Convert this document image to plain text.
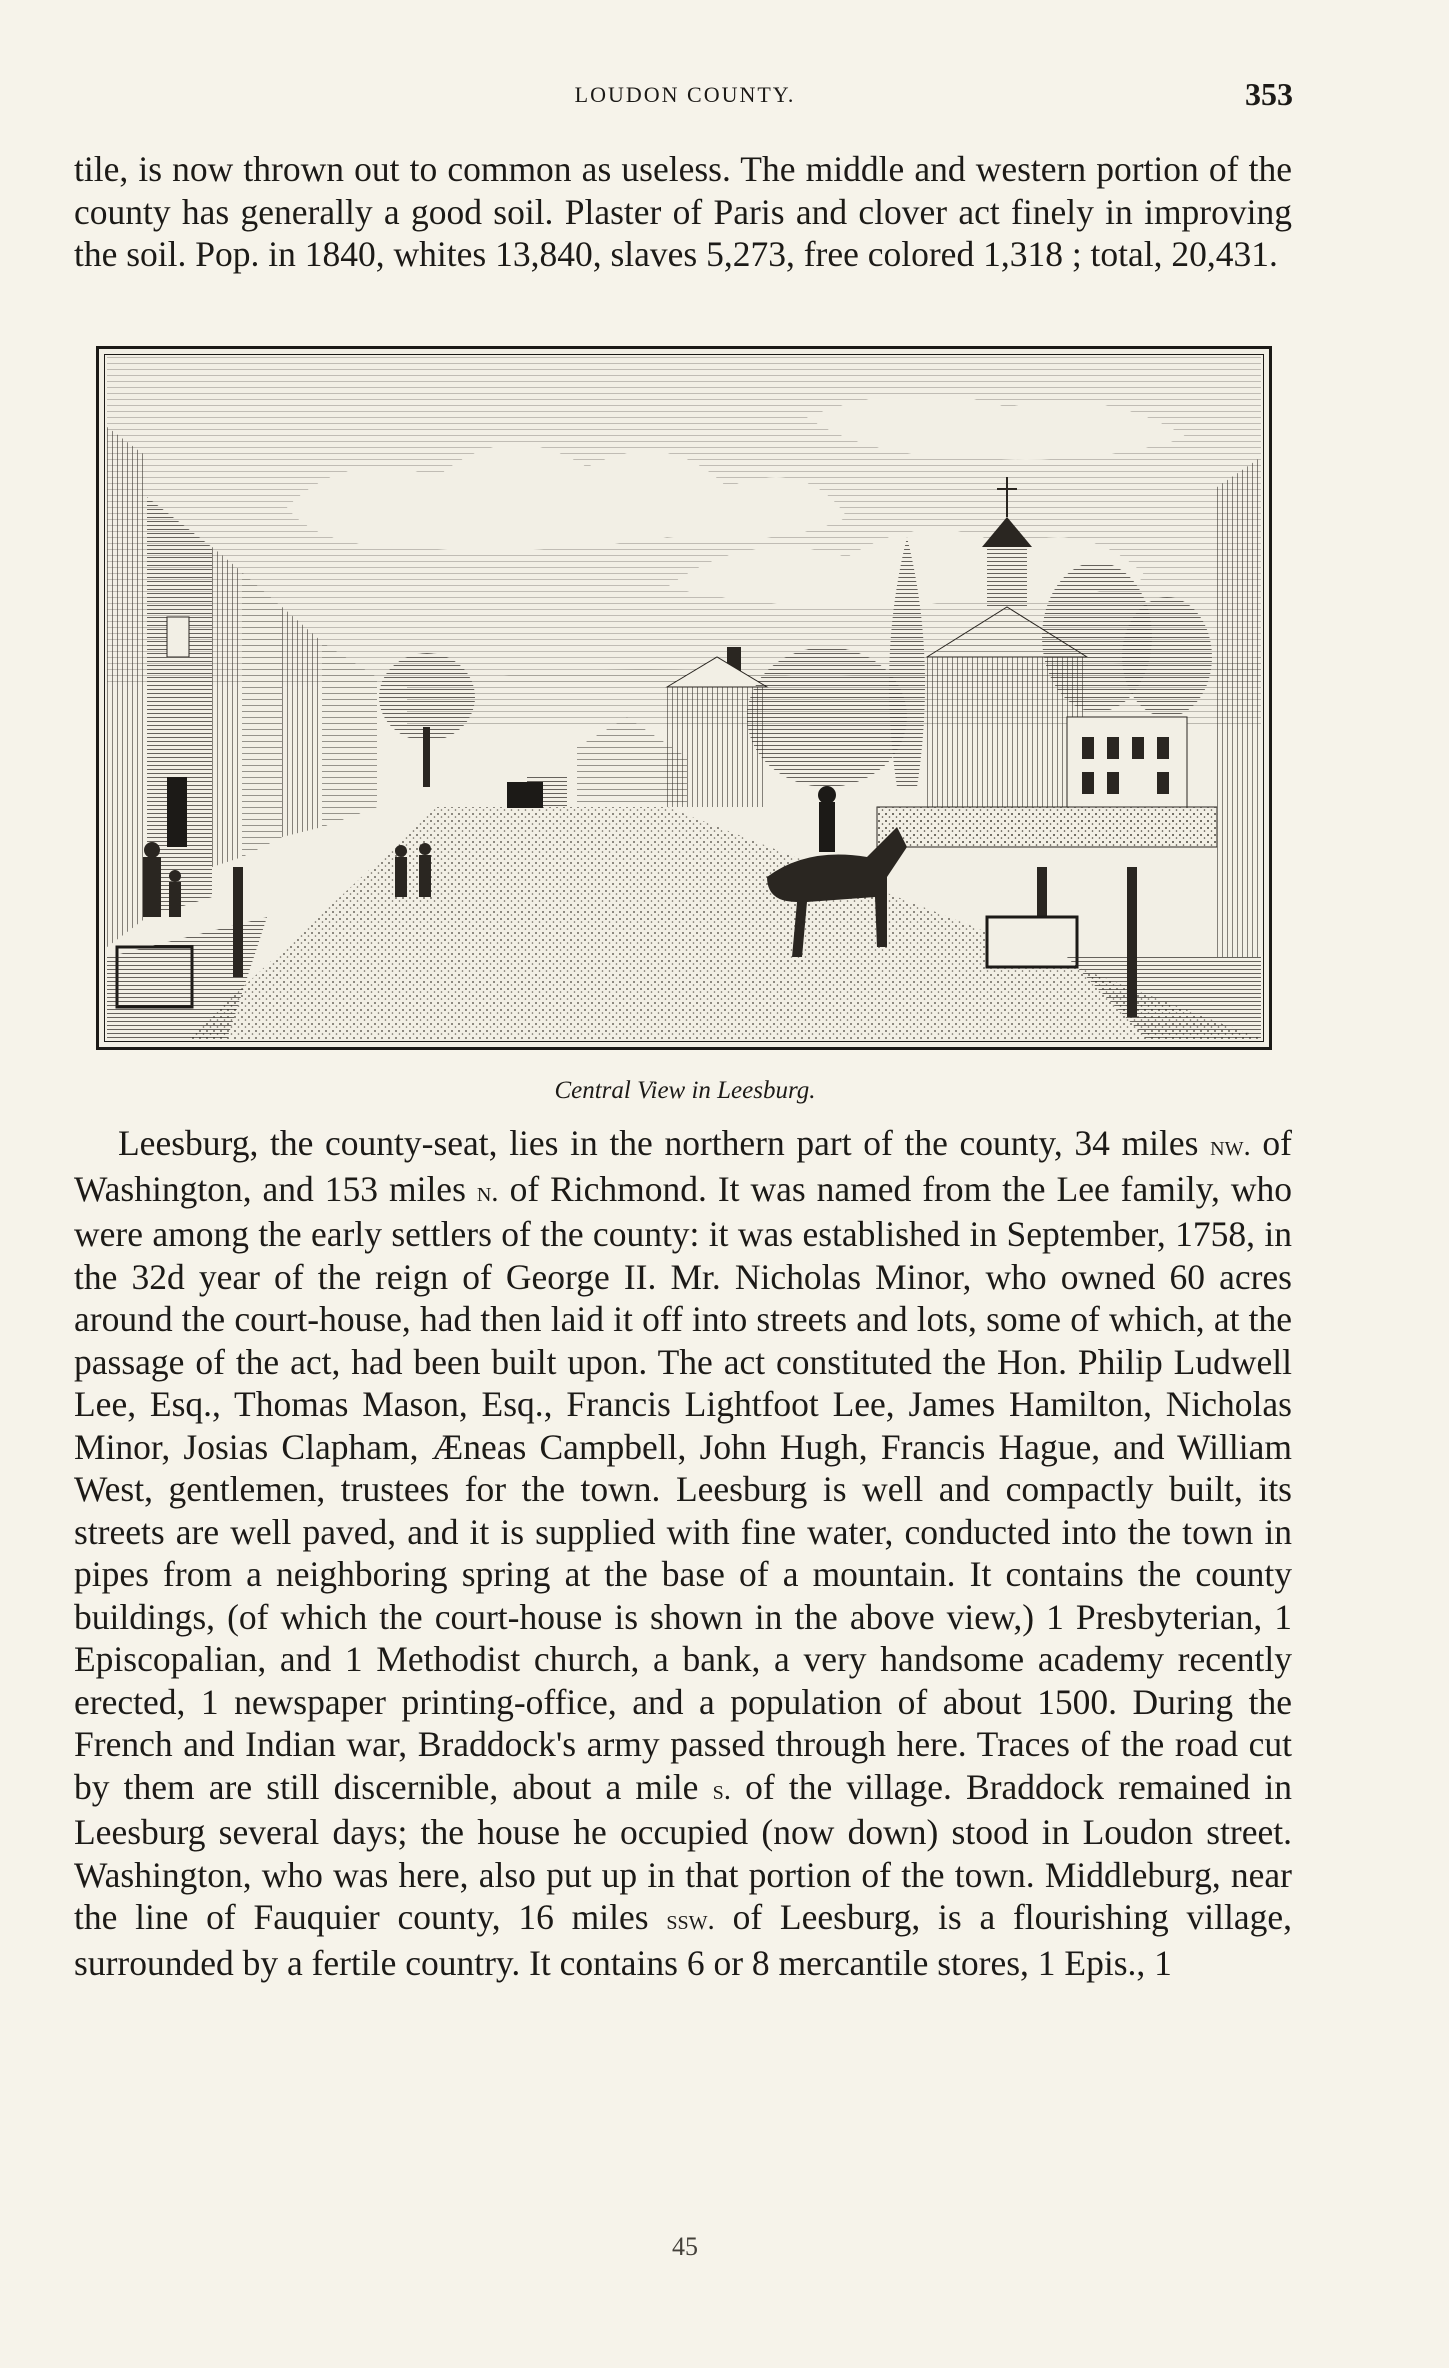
LOUDON COUNTY.	353

tile, is now thrown out to common as useless. The middle and western portion of the county has generally a good soil. Plaster of Paris and clover act finely in improving the soil. Pop. in 1840, whites 13,840, slaves 5,273, free colored 1,318 ; total, 20,431.

Central View in Leesburg.

Leesburg, the county-seat, lies in the northern part of the county, 34 miles nw. of Washington, and 153 miles n. of Richmond. It was named from the Lee family, who were among the early settlers of the county: it was established in September, 1758, in the 32d year of the reign of George II. Mr. Nicholas Minor, who owned 60 acres around the court-house, had then laid it off into streets and lots, some of which, at the passage of the act, had been built upon. The act constituted the Hon. Philip Ludwell Lee, Esq., Thomas Mason, Esq., Francis Lightfoot Lee, James Hamilton, Nicholas Minor, Josias Clapham, Æneas Campbell, John Hugh, Francis Hague, and William West, gentlemen, trustees for the town. Leesburg is well and compactly built, its streets are well paved, and it is supplied with fine water, conducted into the town in pipes from a neighboring spring at the base of a mountain. It contains the county buildings, (of which the court-house is shown in the above view,) 1 Presbyterian, 1 Episcopalian, and 1 Methodist church, a bank, a very handsome academy recently erected, 1 newspaper printing-office, and a population of about 1500. During the French and Indian war, Braddock's army passed through here. Traces of the road cut by them are still discernible, about a mile s. of the village. Braddock remained in Leesburg several days; the house he occupied (now down) stood in Loudon street. Washington, who was here, also put up in that portion of the town. Middleburg, near the line of Fauquier county, 16 miles ssw. of Leesburg, is a flourishing village, surrounded by a fertile country. It contains 6 or 8 mercantile stores, 1 Epis., 1

45
